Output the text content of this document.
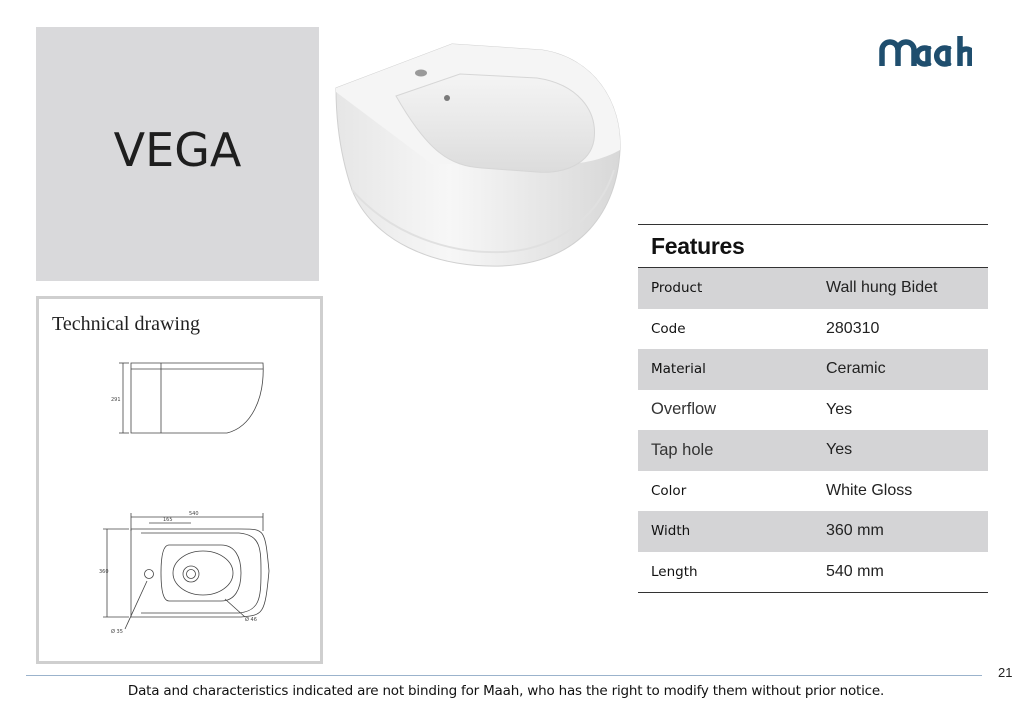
VEGA
Technical drawing
291
540
165
360
Ø 35
Ø 46
Features
Product	Wall hung Bidet
Code	280310
Material	Ceramic
Overflow	Yes
Tap hole	Yes
Color	White Gloss
Width	360 mm
Length	540 mm
21
Data and characteristics indicated are not binding for Maah, who has the right to modify them without prior notice.
